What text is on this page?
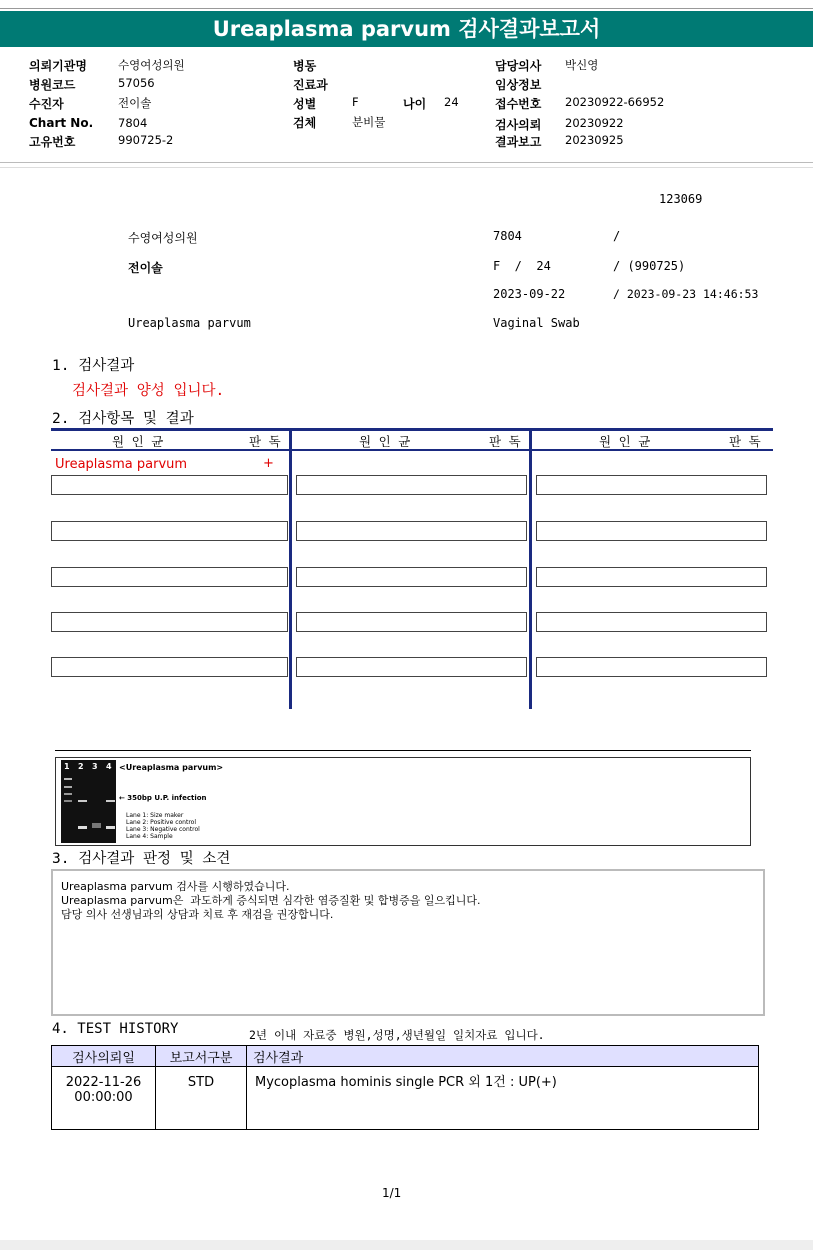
Ureaplasma parvum 검사결과보고서
의뢰기관명	수영여성의원
병원코드	57056
수진자	전이솔
Chart No. 7804
고유번호	990725-2
병동
진료과
성별	F	나이 24
검체	분비물
담당의사 박신영
임상정보
접수번호 20230922-66952
검사의뢰 20230922
결과보고 20230925
123069
수영여성의원	7804	/
전이솔	F  /  24	/ (990725)
2023-09-22	/ 2023-09-23 14:46:53
Ureaplasma parvum	Vaginal Swab
1. 검사결과
검사결과 양성 입니다.
2. 검사항목 및 결과
원 인 균	판 독	원 인 균	판 독	원 인 균	판 독
Ureaplasma parvum	+
1 2 3 4 <Ureaplasma parvum>
← 350bp U.P. infection
Lane 1: Size maker
Lane 2: Positive control
Lane 3: Negative control
Lane 4: Sample
3. 검사결과 판정 및 소견
Ureaplasma parvum 검사를 시행하였습니다.
Ureaplasma parvum은  과도하게 증식되면 심각한 염증질환 및 합병증을 일으킵니다.
담당 의사 선생님과의 상담과 치료 후 재검을 권장합니다.
4. TEST HISTORY	2년 이내 자료중 병원,성명,생년월일 일치자료 입니다.
검사의뢰일	보고서구분	검사결과

2022-11-26
00:00:00	STD	Mycoplasma hominis single PCR 외 1건 : UP(+)
1/1
